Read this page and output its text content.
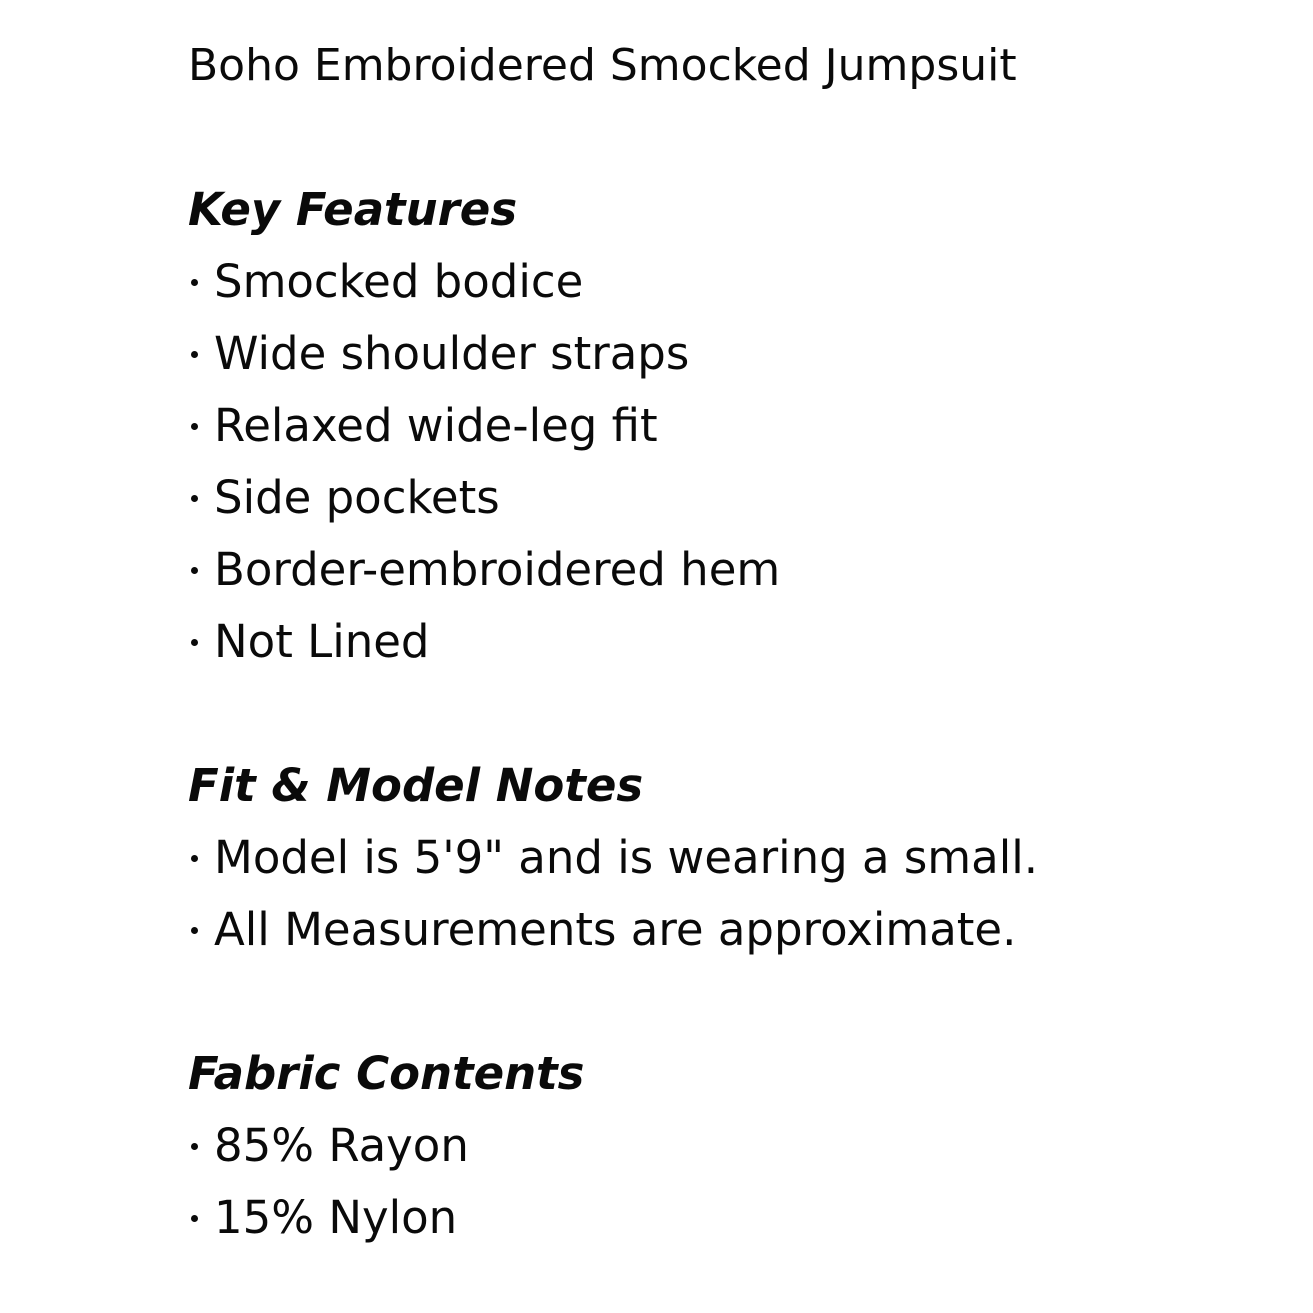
Boho Embroidered Smocked Jumpsuit
Key Features
Smocked bodice
Wide shoulder straps
Relaxed wide-leg fit
Side pockets
Border-embroidered hem
Not Lined
Fit & Model Notes
Model is 5'9" and is wearing a small.
All Measurements are approximate.
Fabric Contents
85% Rayon
15% Nylon
